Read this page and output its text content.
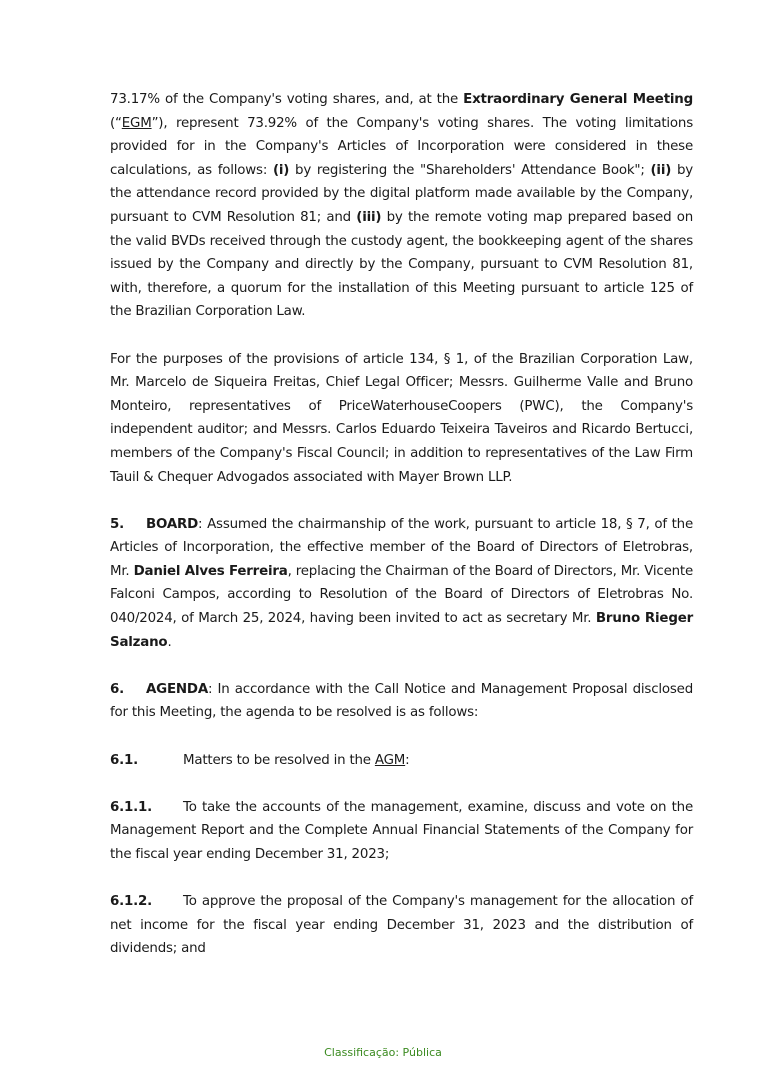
73.17% of the Company's voting shares, and, at the Extraordinary General Meeting (“EGM”), represent 73.92% of the Company's voting shares. The voting limitations provided for in the Company's Articles of Incorporation were considered in these calculations, as follows: (i) by registering the "Shareholders' Attendance Book"; (ii) by the attendance record provided by the digital platform made available by the Company, pursuant to CVM Resolution 81; and (iii) by the remote voting map prepared based on the valid BVDs received through the custody agent, the bookkeeping agent of the shares issued by the Company and directly by the Company, pursuant to CVM Resolution 81, with, therefore, a quorum for the installation of this Meeting pursuant to article 125 of the Brazilian Corporation Law.

For the purposes of the provisions of article 134, § 1, of the Brazilian Corporation Law, Mr. Marcelo de Siqueira Freitas, Chief Legal Officer; Messrs. Guilherme Valle and Bruno Monteiro, representatives of PriceWaterhouseCoopers (PWC), the Company's independent auditor; and Messrs. Carlos Eduardo Teixeira Taveiros and Ricardo Bertucci, members of the Company's Fiscal Council; in addition to representatives of the Law Firm Tauil & Chequer Advogados associated with Mayer Brown LLP.

5. BOARD: Assumed the chairmanship of the work, pursuant to article 18, § 7, of the Articles of Incorporation, the effective member of the Board of Directors of Eletrobras, Mr. Daniel Alves Ferreira, replacing the Chairman of the Board of Directors, Mr. Vicente Falconi Campos, according to Resolution of the Board of Directors of Eletrobras No. 040/2024, of March 25, 2024, having been invited to act as secretary Mr. Bruno Rieger Salzano.

6. AGENDA: In accordance with the Call Notice and Management Proposal disclosed for this Meeting, the agenda to be resolved is as follows:

6.1.	Matters to be resolved in the AGM:

6.1.1. To take the accounts of the management, examine, discuss and vote on the Management Report and the Complete Annual Financial Statements of the Company for the fiscal year ending December 31, 2023;

6.1.2. To approve the proposal of the Company's management for the allocation of net income for the fiscal year ending December 31, 2023 and the distribution of dividends; and

Classificação: Pública
